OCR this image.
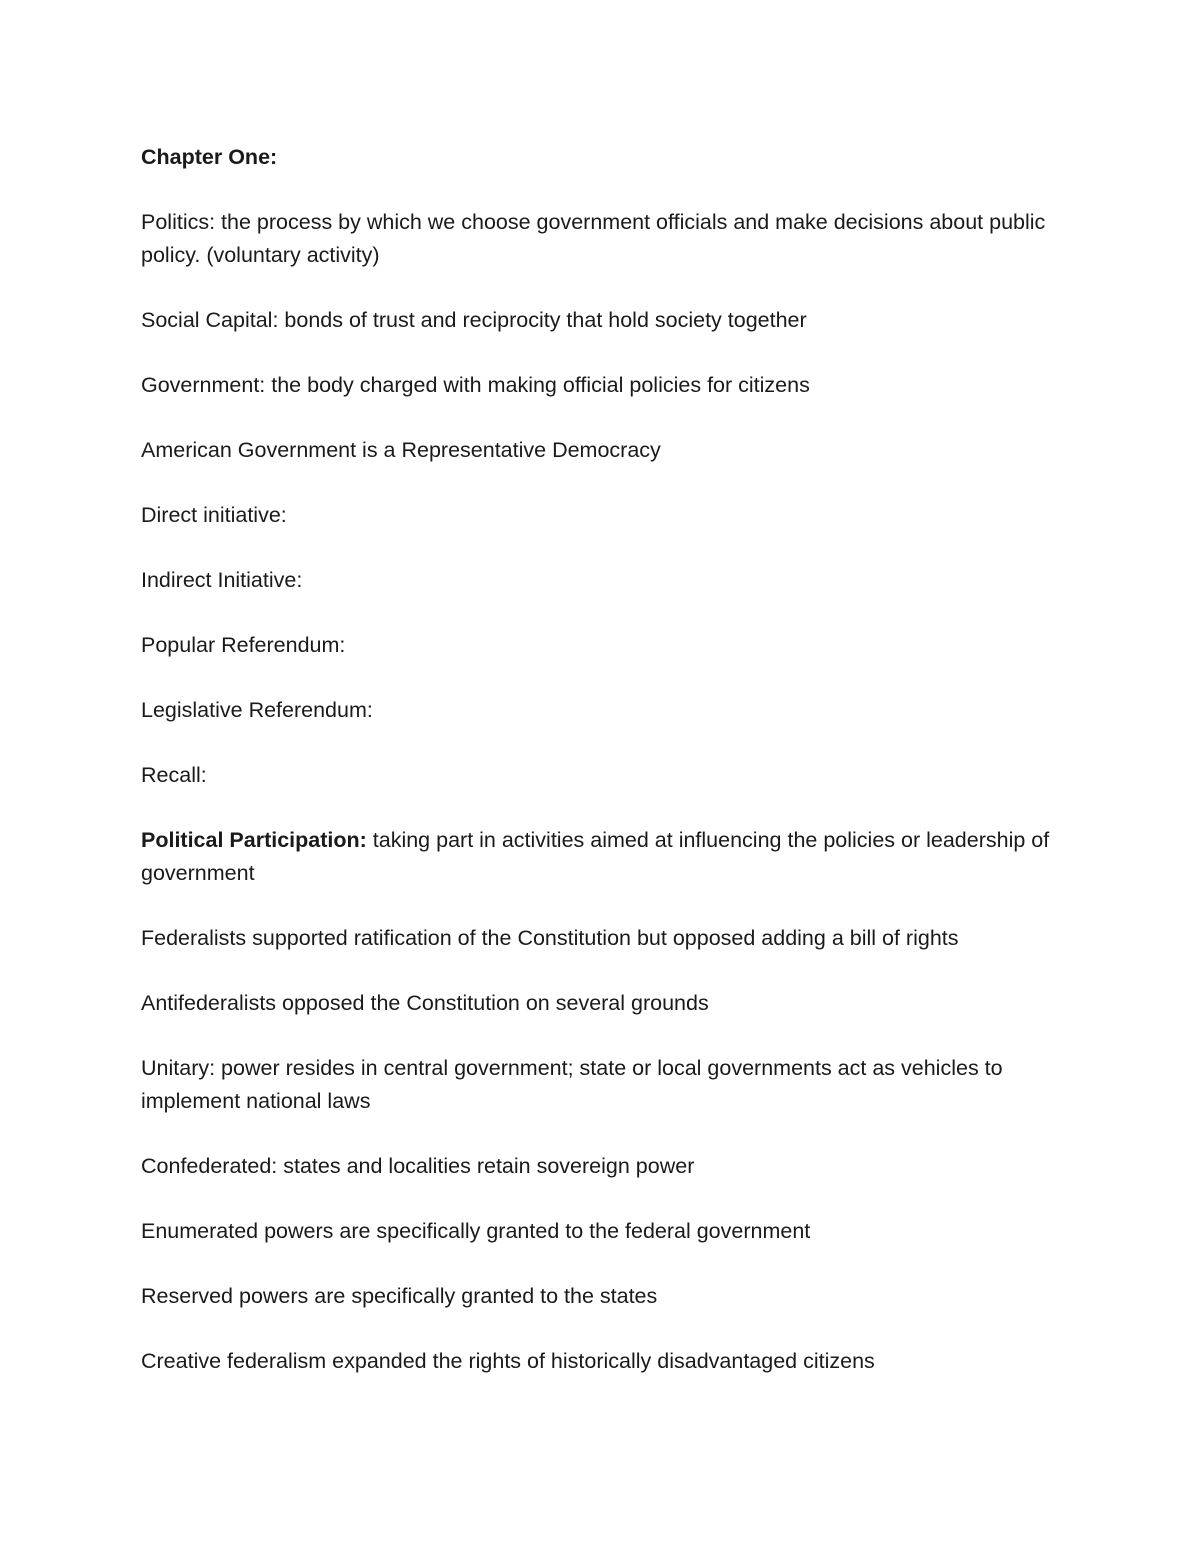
Chapter One:
Politics: the process by which we choose government officials and make decisions about public policy. (voluntary activity)
Social Capital: bonds of trust and reciprocity that hold society together
Government: the body charged with making official policies for citizens
American Government is a Representative Democracy
Direct initiative:
Indirect Initiative:
Popular Referendum:
Legislative Referendum:
Recall:
Political Participation: taking part in activities aimed at influencing the policies or leadership of government
Federalists supported ratification of the Constitution but opposed adding a bill of rights
Antifederalists opposed the Constitution on several grounds
Unitary: power resides in central government; state or local governments act as vehicles to implement national laws
Confederated: states and localities retain sovereign power
Enumerated powers are specifically granted to the federal government
Reserved powers are specifically granted to the states
Creative federalism expanded the rights of historically disadvantaged citizens
